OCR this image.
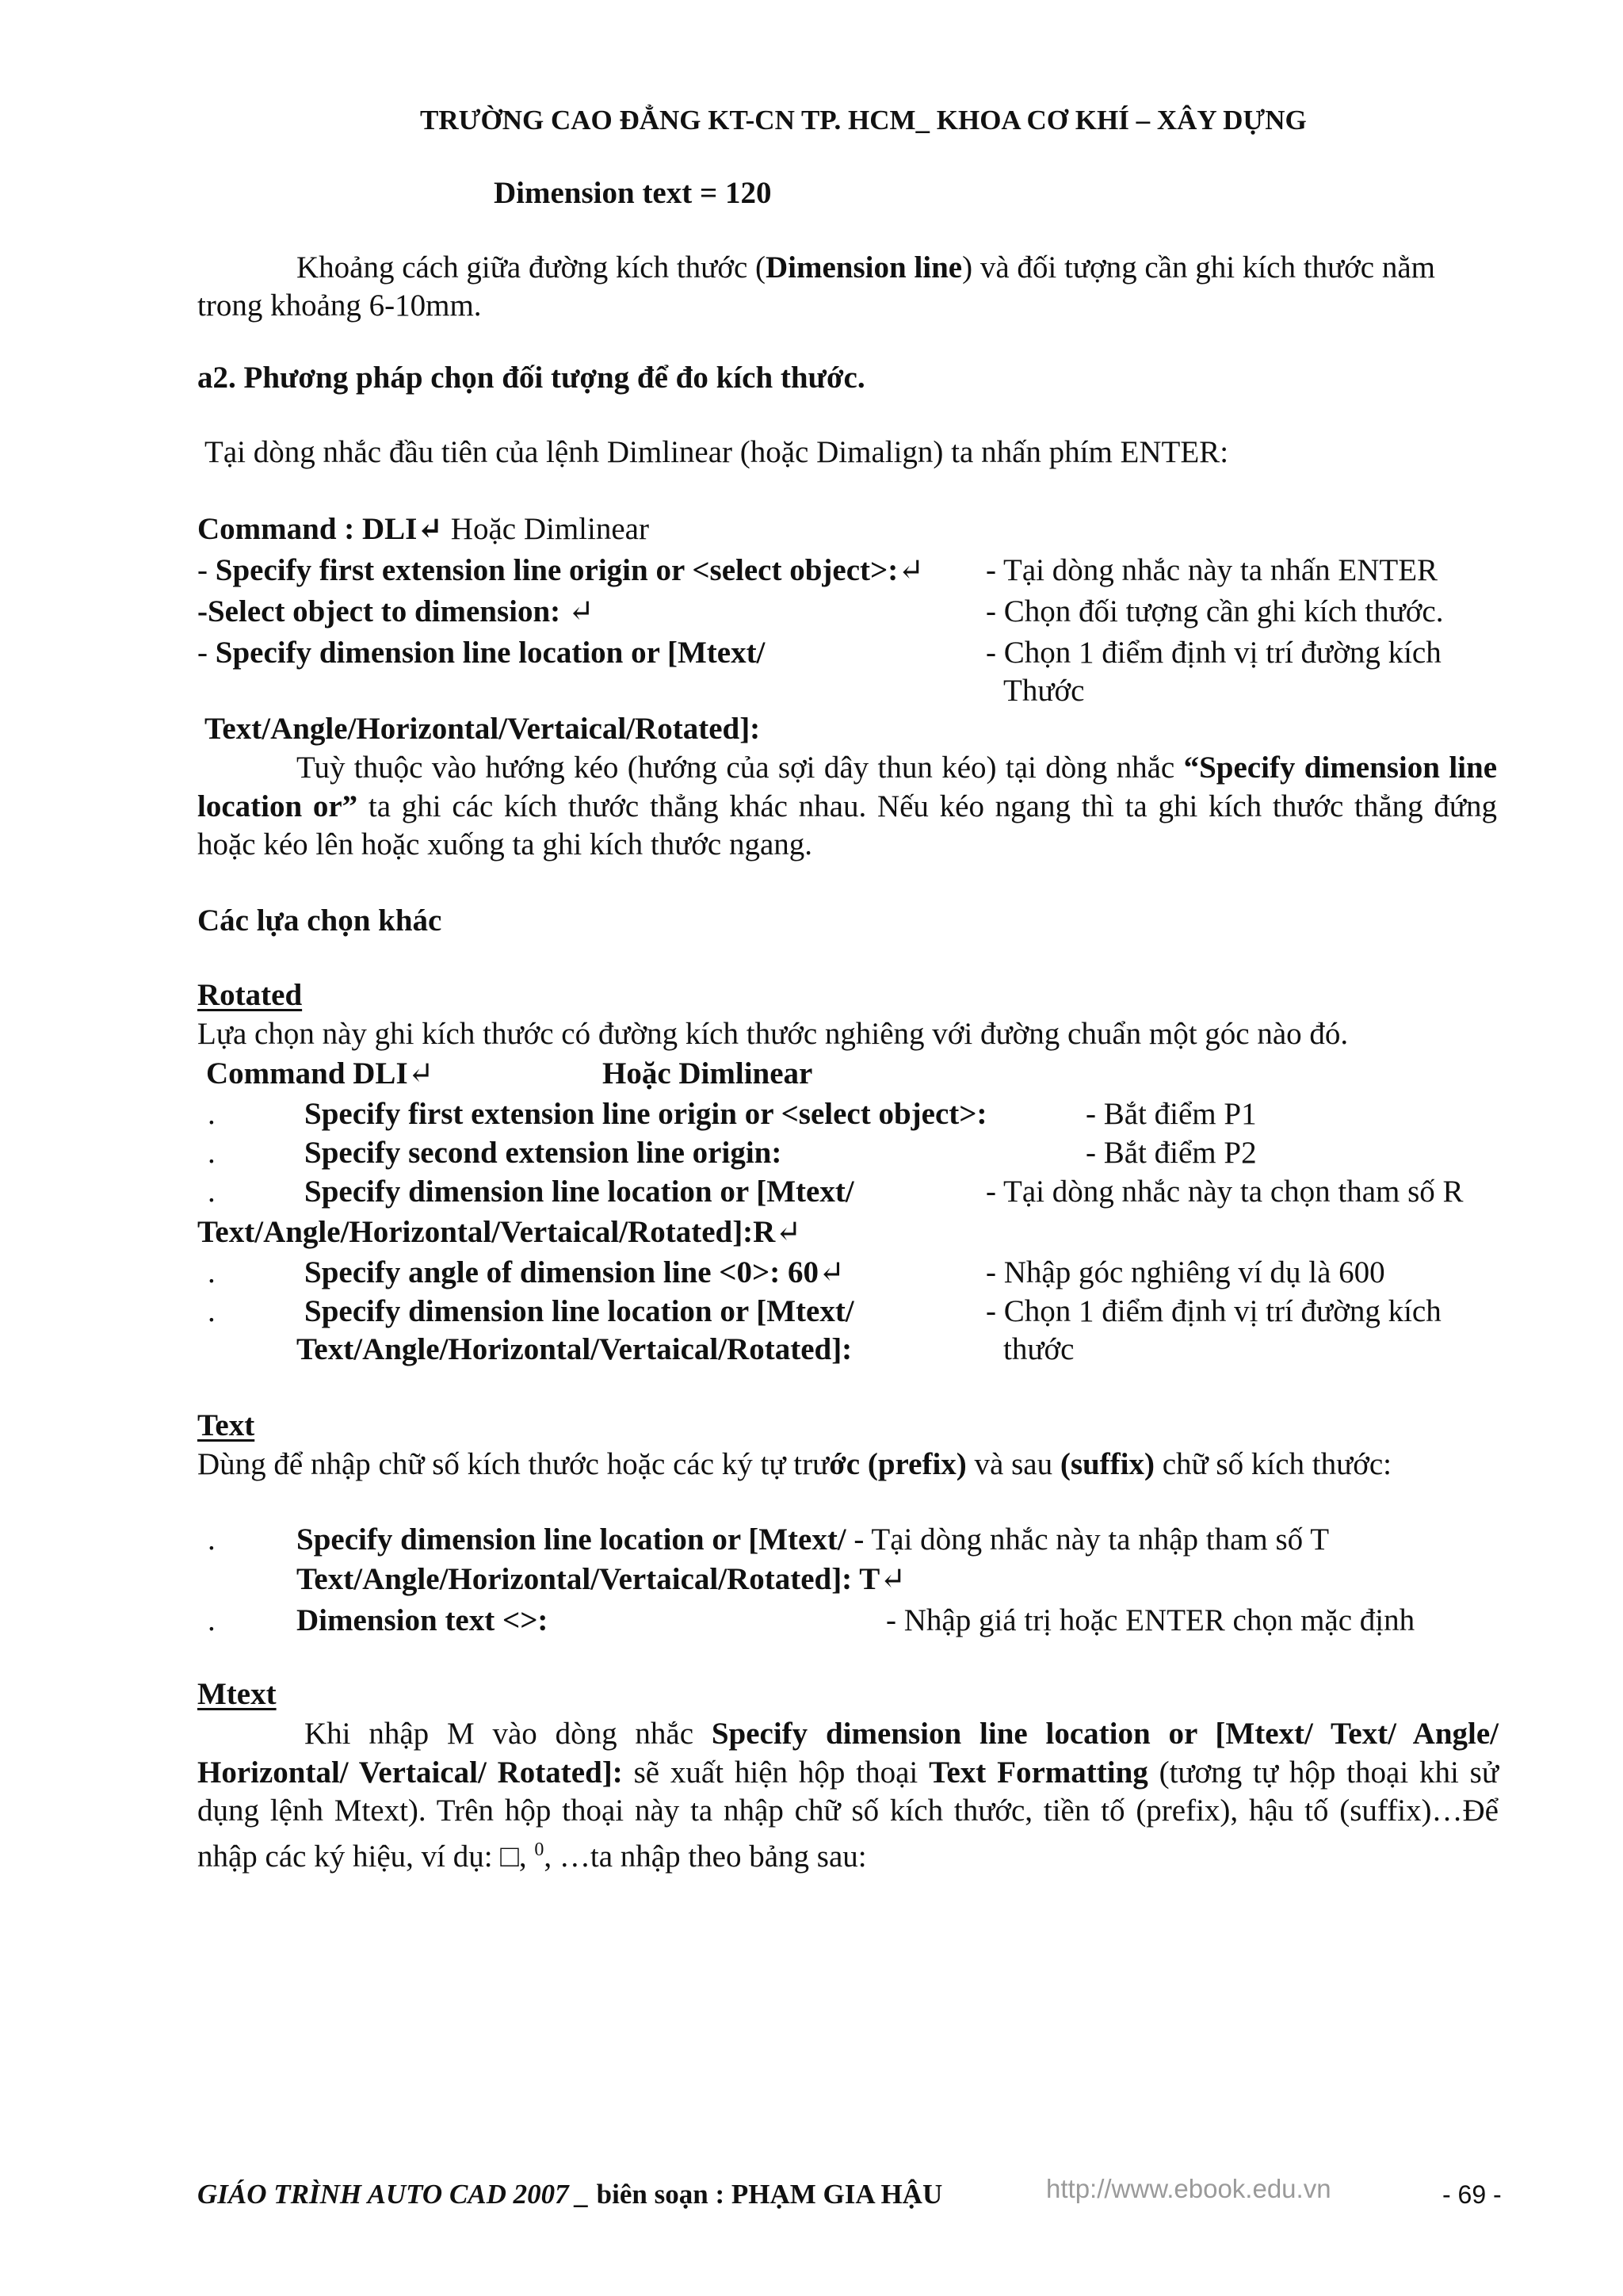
TRƯỜNG CAO ĐẲNG KT-CN TP. HCM_ KHOA CƠ KHÍ – XÂY DỰNG
Dimension text = 120
Khoảng cách giữa đường kích thước (Dimension line) và đối tượng cần ghi kích thước nằm
trong khoảng 6-10mm.
a2. Phương pháp chọn đối tượng để đo kích thước.
Tại dòng nhắc đầu tiên của lệnh Dimlinear (hoặc Dimalign) ta nhấn phím ENTER:
Command : DLI↵ Hoặc Dimlinear
- Specify first extension line origin or <select object>:↵ - Tại dòng nhắc này ta nhấn ENTER
-Select object to dimension: ↵	- Chọn đối tượng cần ghi kích thước.
- Specify dimension line location or [Mtext/	- Chọn 1 điểm định vị trí đường kích
Thước
Text/Angle/Horizontal/Vertaical/Rotated]:
Tuỳ thuộc vào hướng kéo (hướng của sợi dây thun kéo) tại dòng nhắc “Specify dimension line location or” ta ghi các kích thước thẳng khác nhau. Nếu kéo ngang thì ta ghi kích thước thẳng đứng hoặc kéo lên hoặc xuống ta ghi kích thước ngang.
Các lựa chọn khác
Rotated
Lựa chọn này ghi kích thước có đường kích thước nghiêng với đường chuẩn một góc nào đó.
Command DLI↵	Hoặc Dimlinear
.	Specify first extension line origin or <select object>:	- Bắt điểm P1
.	Specify second extension line origin:	- Bắt điểm P2
.	Specify dimension line location or [Mtext/	- Tại dòng nhắc này ta chọn tham số R
Text/Angle/Horizontal/Vertaical/Rotated]:R↵
.	Specify angle of dimension line <0>: 60↵	- Nhập góc nghiêng ví dụ là 600
.	Specify dimension line location or [Mtext/	- Chọn 1 điểm định vị trí đường kích
Text/Angle/Horizontal/Vertaical/Rotated]:	thước
Text
Dùng để nhập chữ số kích thước hoặc các ký tự trước (prefix) và sau (suffix) chữ số kích thước:
.	Specify dimension line location or [Mtext/ - Tại dòng nhắc này ta nhập tham số T
Text/Angle/Horizontal/Vertaical/Rotated]: T↵
.	Dimension text <>:	- Nhập giá trị hoặc ENTER chọn mặc định
Mtext
Khi nhập M vào dòng nhắc Specify dimension line location or [Mtext/ Text/ Angle/ Horizontal/ Vertaical/ Rotated]: sẽ xuất hiện hộp thoại Text Formatting (tương tự hộp thoại khi sử dụng lệnh Mtext). Trên hộp thoại này ta nhập chữ số kích thước, tiền tố (prefix), hậu tố (suffix)…Để nhập các ký hiệu, ví dụ: □, $^0$, …ta nhập theo bảng sau:
GIÁO TRÌNH AUTO CAD 2007 _ biên soạn : PHẠM GIA HẬU	http://www.ebook.edu.vn	- 69 -
